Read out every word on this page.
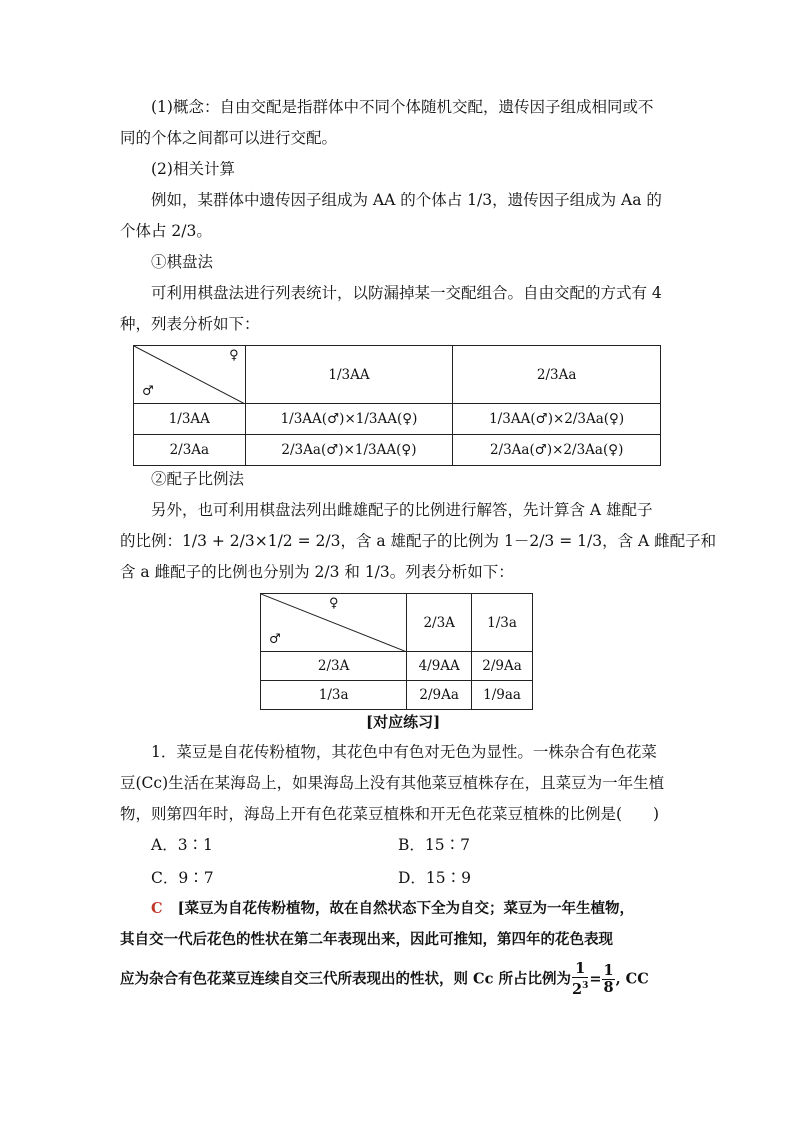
(1)概念：自由交配是指群体中不同个体随机交配，遗传因子组成相同或不
同的个体之间都可以进行交配。
(2)相关计算
例如，某群体中遗传因子组成为 AA 的个体占 1/3，遗传因子组成为 Aa 的
个体占 2/3。
①棋盘法
可利用棋盘法进行列表统计，以防漏掉某一交配组合。自由交配的方式有 4
种，列表分析如下：
♀
♂	1/3AA	2/3Aa
1/3AA	1/3AA(♂)×1/3AA(♀)	1/3AA(♂)×2/3Aa(♀)
2/3Aa	2/3Aa(♂)×1/3AA(♀)	2/3Aa(♂)×2/3Aa(♀)
②配子比例法
另外，也可利用棋盘法列出雌雄配子的比例进行解答，先计算含 A 雄配子
的比例：1/3 + 2/3×1/2 = 2/3，含 a 雄配子的比例为 1－2/3 = 1/3，含 A 雌配子和
含 a 雌配子的比例也分别为 2/3 和 1/3。列表分析如下：
♀
♂	2/3A	1/3a
2/3A	4/9AA	2/9Aa
1/3a	2/9Aa	1/9aa
[对应练习]
1．菜豆是自花传粉植物，其花色中有色对无色为显性。一株杂合有色花菜
豆(Cc)生活在某海岛上，如果海岛上没有其他菜豆植株存在，且菜豆为一年生植
物，则第四年时，海岛上开有色花菜豆植株和开无色花菜豆植株的比例是(　　)
A．3∶1	B．15∶7
C．9∶7	D．15∶9
C [菜豆为自花传粉植物，故在自然状态下全为自交；菜豆为一年生植物，
其自交一代后花色的性状在第二年表现出来，因此可推知，第四年的花色表现
应为杂合有色花菜豆连续自交三代所表现出的性状，则 Cc 所占比例为 $\frac{1}{2^3} = \frac{1}{8}$ , CC
